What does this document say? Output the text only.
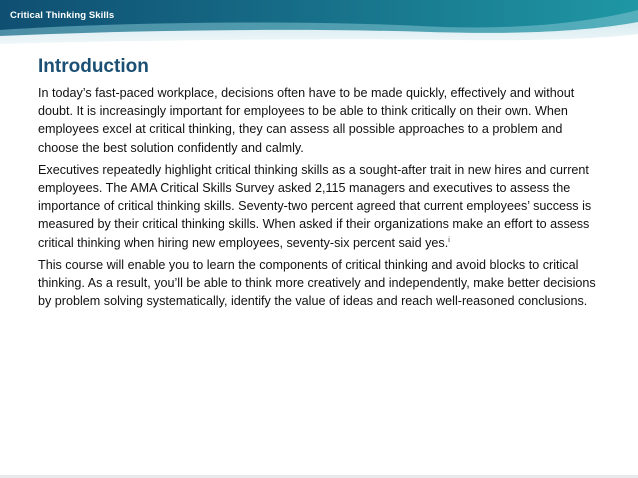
Critical Thinking Skills
Introduction

In today’s fast-paced workplace, decisions often have to be made quickly, effectively and without doubt. It is increasingly important for employees to be able to think critically on their own. When employees excel at critical thinking, they can assess all possible approaches to a problem and choose the best solution confidently and calmly.

Executives repeatedly highlight critical thinking skills as a sought-after trait in new hires and current employees. The AMA Critical Skills Survey asked 2,115 managers and executives to assess the importance of critical thinking skills. Seventy-two percent agreed that current employees’ success is measured by their critical thinking skills. When asked if their organizations make an effort to assess critical thinking when hiring new employees, seventy-six percent said yes.$^i$

This course will enable you to learn the components of critical thinking and avoid blocks to critical thinking. As a result, you’ll be able to think more creatively and independently, make better decisions by problem solving systematically, identify the value of ideas and reach well-reasoned conclusions.
